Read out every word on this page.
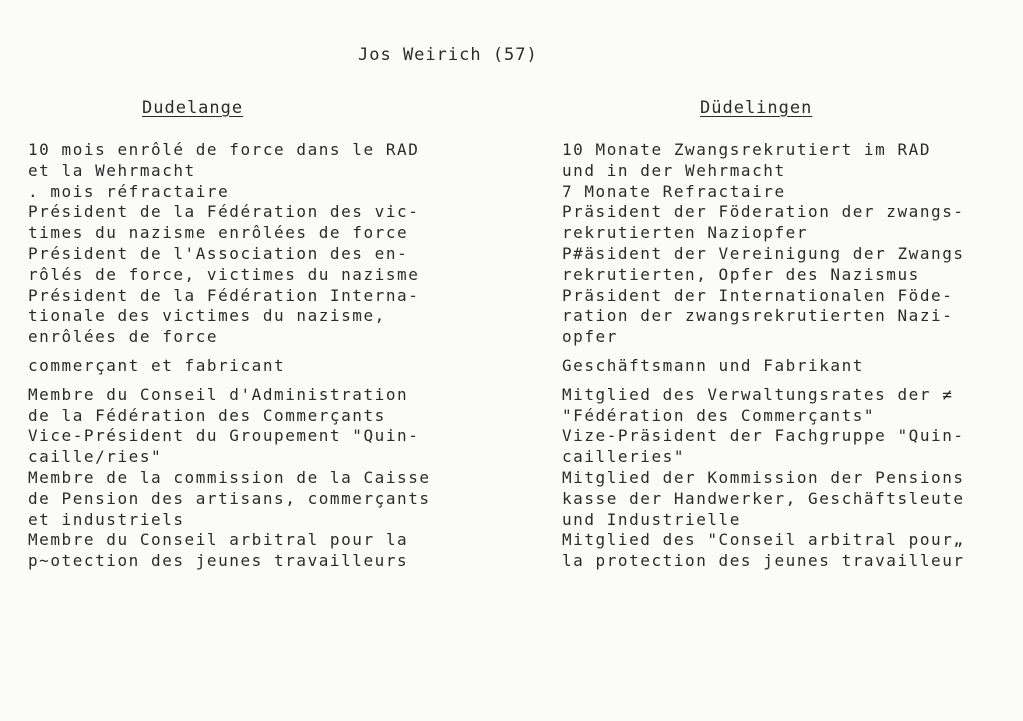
Jos Weirich (57)
Dudelange	Düdelingen
10 mois enrôlé de force dans le RAD
et la Wehrmacht
. mois réfractaire
Président de la Fédération des vic-
times du nazisme enrôlées de force
Président de l'Association des en-
rôlés de force, victimes du nazisme
Président de la Fédération Interna-
tionale des victimes du nazisme,
enrôlées de force
commerçant et fabricant
Membre du Conseil d'Administration
de la Fédération des Commerçants
Vice-Président du Groupement "Quin-
caille/ries"
Membre de la commission de la Caisse
de Pension des artisans, commerçants
et industriels
Membre du Conseil arbitral pour la
p~otection des jeunes travailleurs
10 Monate Zwangsrekrutiert im RAD
und in der Wehrmacht
7 Monate Refractaire
Präsident der Föderation der zwangs-
rekrutierten Naziopfer
P#äsident der Vereinigung der Zwangs
rekrutierten, Opfer des Nazismus
Präsident der Internationalen Föde-
ration der zwangsrekrutierten Nazi-
opfer
Geschäftsmann und Fabrikant
Mitglied des Verwaltungsrates der ≠
"Fédération des Commerçants"
Vize-Präsident der Fachgruppe "Quin-
cailleries"
Mitglied der Kommission der Pensions
kasse der Handwerker, Geschäftsleute
und Industrielle
Mitglied des "Conseil arbitral pour„
la protection des jeunes travailleur
